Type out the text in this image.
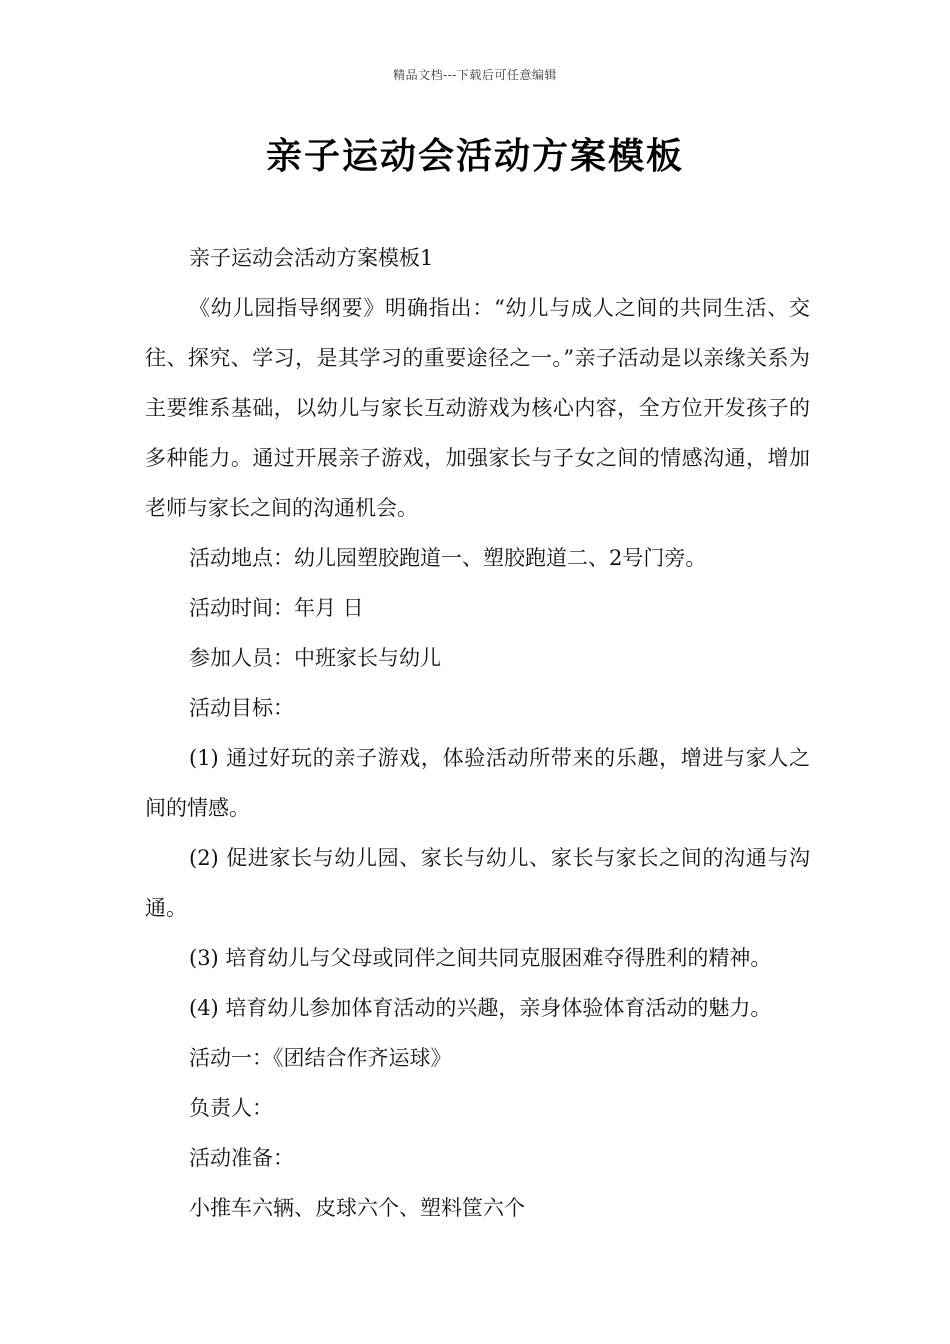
精品文档---下载后可任意编辑
亲子运动会活动方案模板

亲子运动会活动方案模板1

《幼儿园指导纲要》明确指出：“幼儿与成人之间的共同生活、交往、探究、学习，是其学习的重要途径之一。”亲子活动是以亲缘关系为主要维系基础，以幼儿与家长互动游戏为核心内容，全方位开发孩子的多种能力。通过开展亲子游戏，加强家长与子女之间的情感沟通，增加老师与家长之间的沟通机会。

活动地点：幼儿园塑胶跑道一、塑胶跑道二、2号门旁。

活动时间：年月 日

参加人员：中班家长与幼儿

活动目标：

(1) 通过好玩的亲子游戏，体验活动所带来的乐趣，增进与家人之间的情感。

(2) 促进家长与幼儿园、家长与幼儿、家长与家长之间的沟通与沟通。

(3) 培育幼儿与父母或同伴之间共同克服困难夺得胜利的精神。

(4) 培育幼儿参加体育活动的兴趣，亲身体验体育活动的魅力。

活动一：《团结合作齐运球》

负责人：

活动准备：

小推车六辆、皮球六个、塑料筐六个
